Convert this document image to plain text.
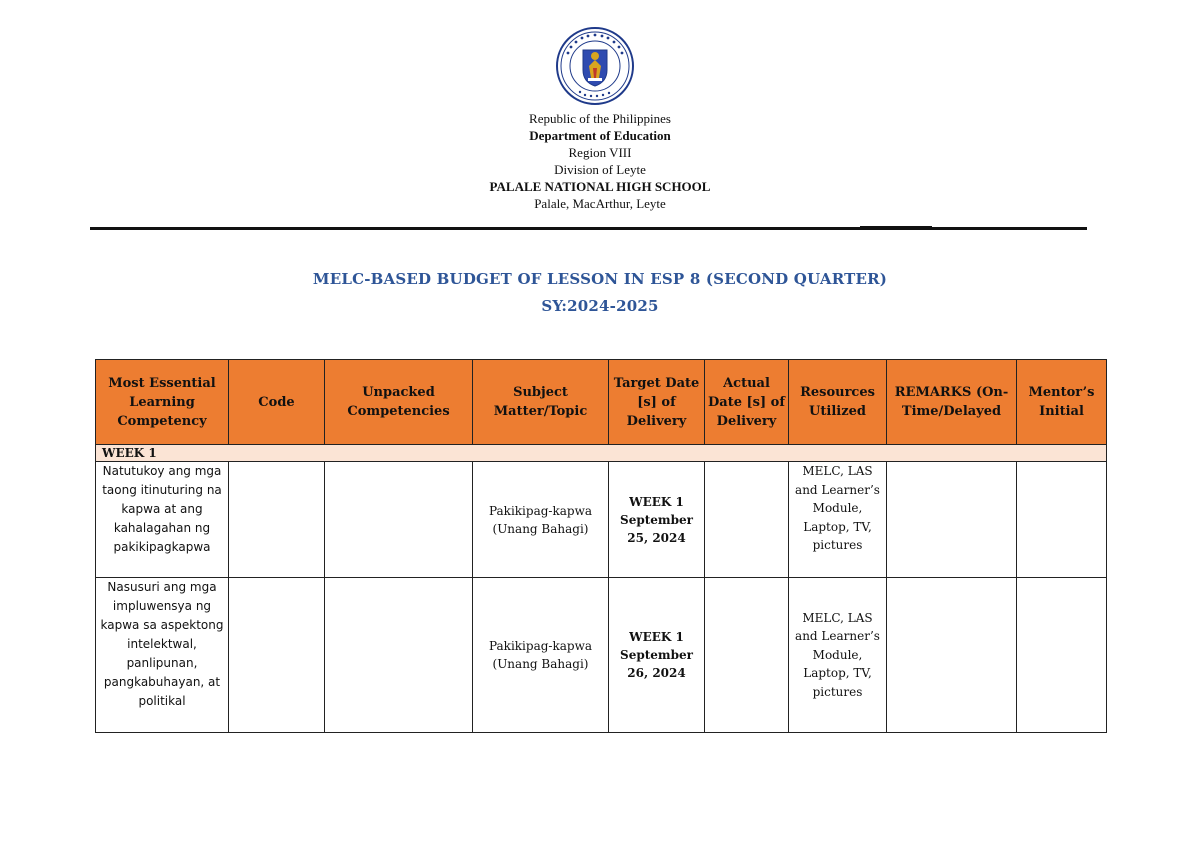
Republic of the Philippines
Department of Education
Region VIII
Division of Leyte
PALALE NATIONAL HIGH SCHOOL
Palale, MacArthur, Leyte
MELC-BASED BUDGET OF LESSON IN ESP 8 (SECOND QUARTER)
SY:2024-2025
Most Essential Learning Competency	Code	Unpacked Competencies	Subject Matter/Topic	Target Date [s] of Delivery	Actual Date [s] of Delivery	Resources Utilized	REMARKS (On-Time/Delayed	Mentor’s Initial
WEEK 1								
Natutukoy ang mga taong itinuturing na kapwa at ang kahalagahan ng pakikipagkapwa			Pakikipag-kapwa (Unang Bahagi)	WEEK 1 September 25, 2024		MELC, LAS and Learner’s Module, Laptop, TV, pictures		
Nasusuri ang mga impluwensya ng kapwa sa aspektong intelektwal, panlipunan, pangkabuhayan, at politikal			Pakikipag-kapwa (Unang Bahagi)	WEEK 1 September 26, 2024		MELC, LAS and Learner’s Module, Laptop, TV, pictures		
